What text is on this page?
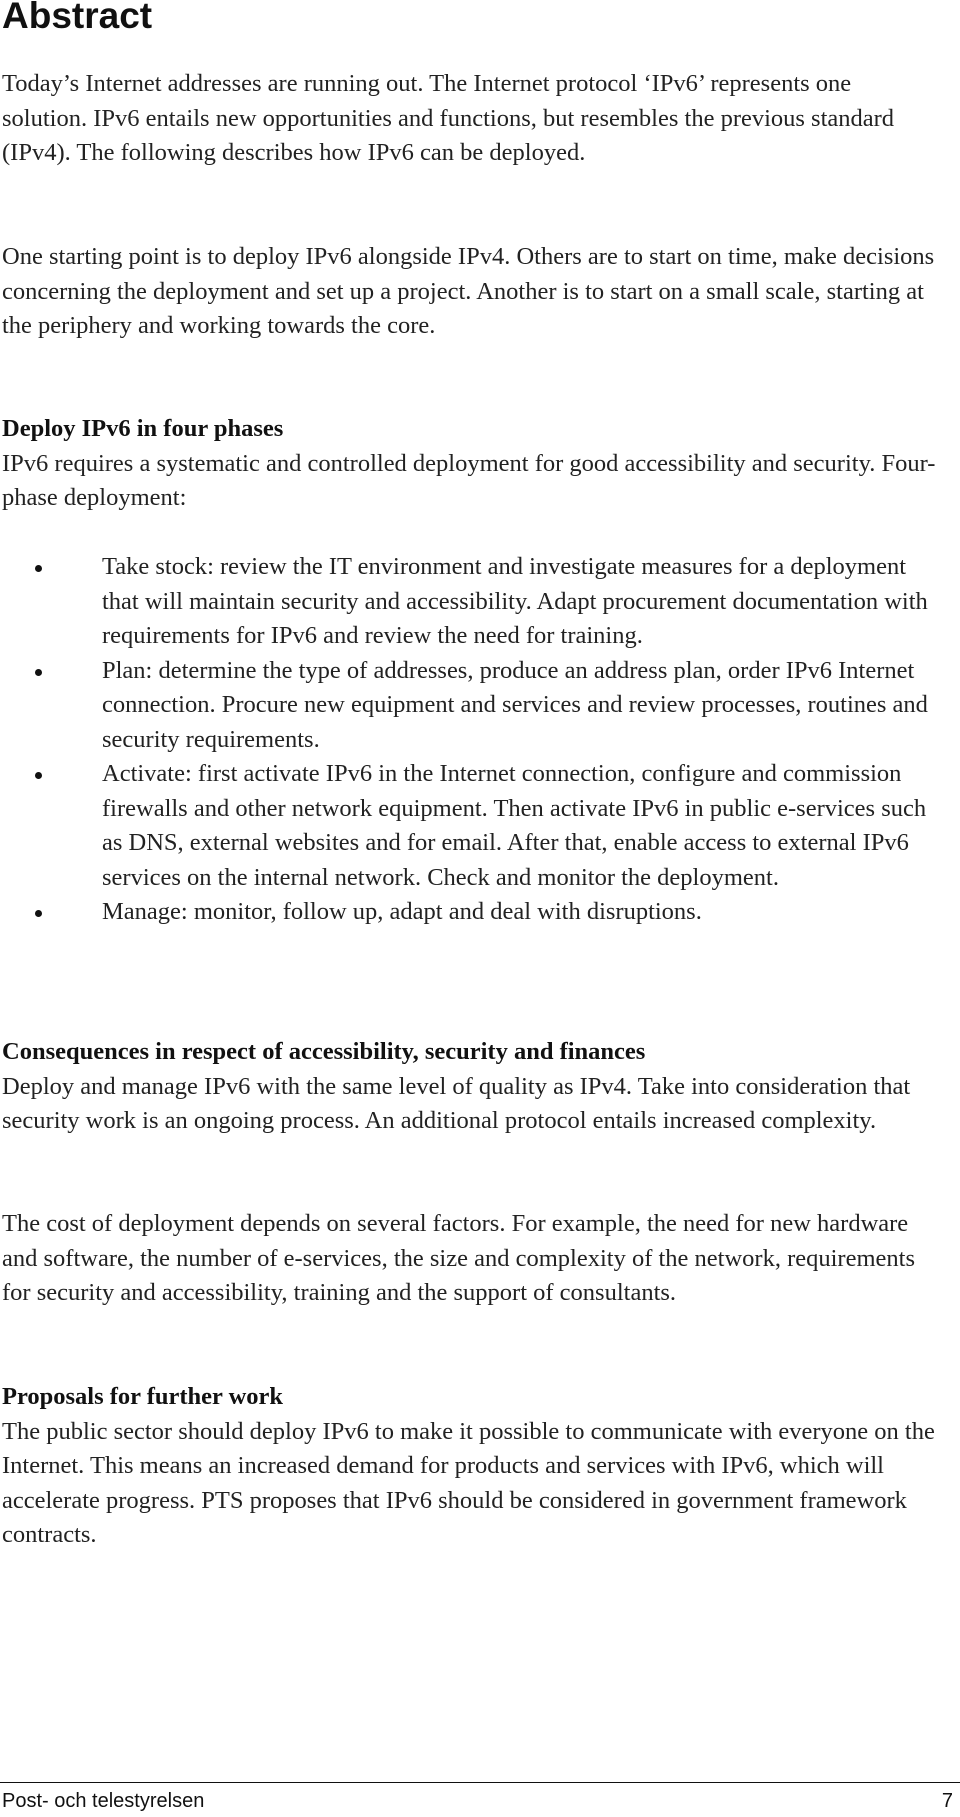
Abstract

Today’s Internet addresses are running out. The Internet protocol ‘IPv6’ represents one solution. IPv6 entails new opportunities and functions, but resembles the previous standard (IPv4). The following describes how IPv6 can be deployed.

One starting point is to deploy IPv6 alongside IPv4. Others are to start on time, make decisions concerning the deployment and set up a project. Another is to start on a small scale, starting at the periphery and working towards the core.

Deploy IPv6 in four phases

IPv6 requires a systematic and controlled deployment for good accessibility and security. Four-phase deployment:

Take stock: review the IT environment and investigate measures for a deployment that will maintain security and accessibility. Adapt procurement documentation with requirements for IPv6 and review the need for training.
Plan: determine the type of addresses, produce an address plan, order IPv6 Internet connection. Procure new equipment and services and review processes, routines and security requirements.
Activate: first activate IPv6 in the Internet connection, configure and commission firewalls and other network equipment. Then activate IPv6 in public e-services such as DNS, external websites and for email. After that, enable access to external IPv6 services on the internal network. Check and monitor the deployment.
Manage: monitor, follow up, adapt and deal with disruptions.
Consequences in respect of accessibility, security and finances

Deploy and manage IPv6 with the same level of quality as IPv4. Take into consideration that security work is an ongoing process. An additional protocol entails increased complexity.

The cost of deployment depends on several factors. For example, the need for new hardware and software, the number of e-services, the size and complexity of the network, requirements for security and accessibility, training and the support of consultants.

Proposals for further work

The public sector should deploy IPv6 to make it possible to communicate with everyone on the Internet. This means an increased demand for products and services with IPv6, which will accelerate progress. PTS proposes that IPv6 should be considered in government framework contracts.

Post- och telestyrelsen	7
